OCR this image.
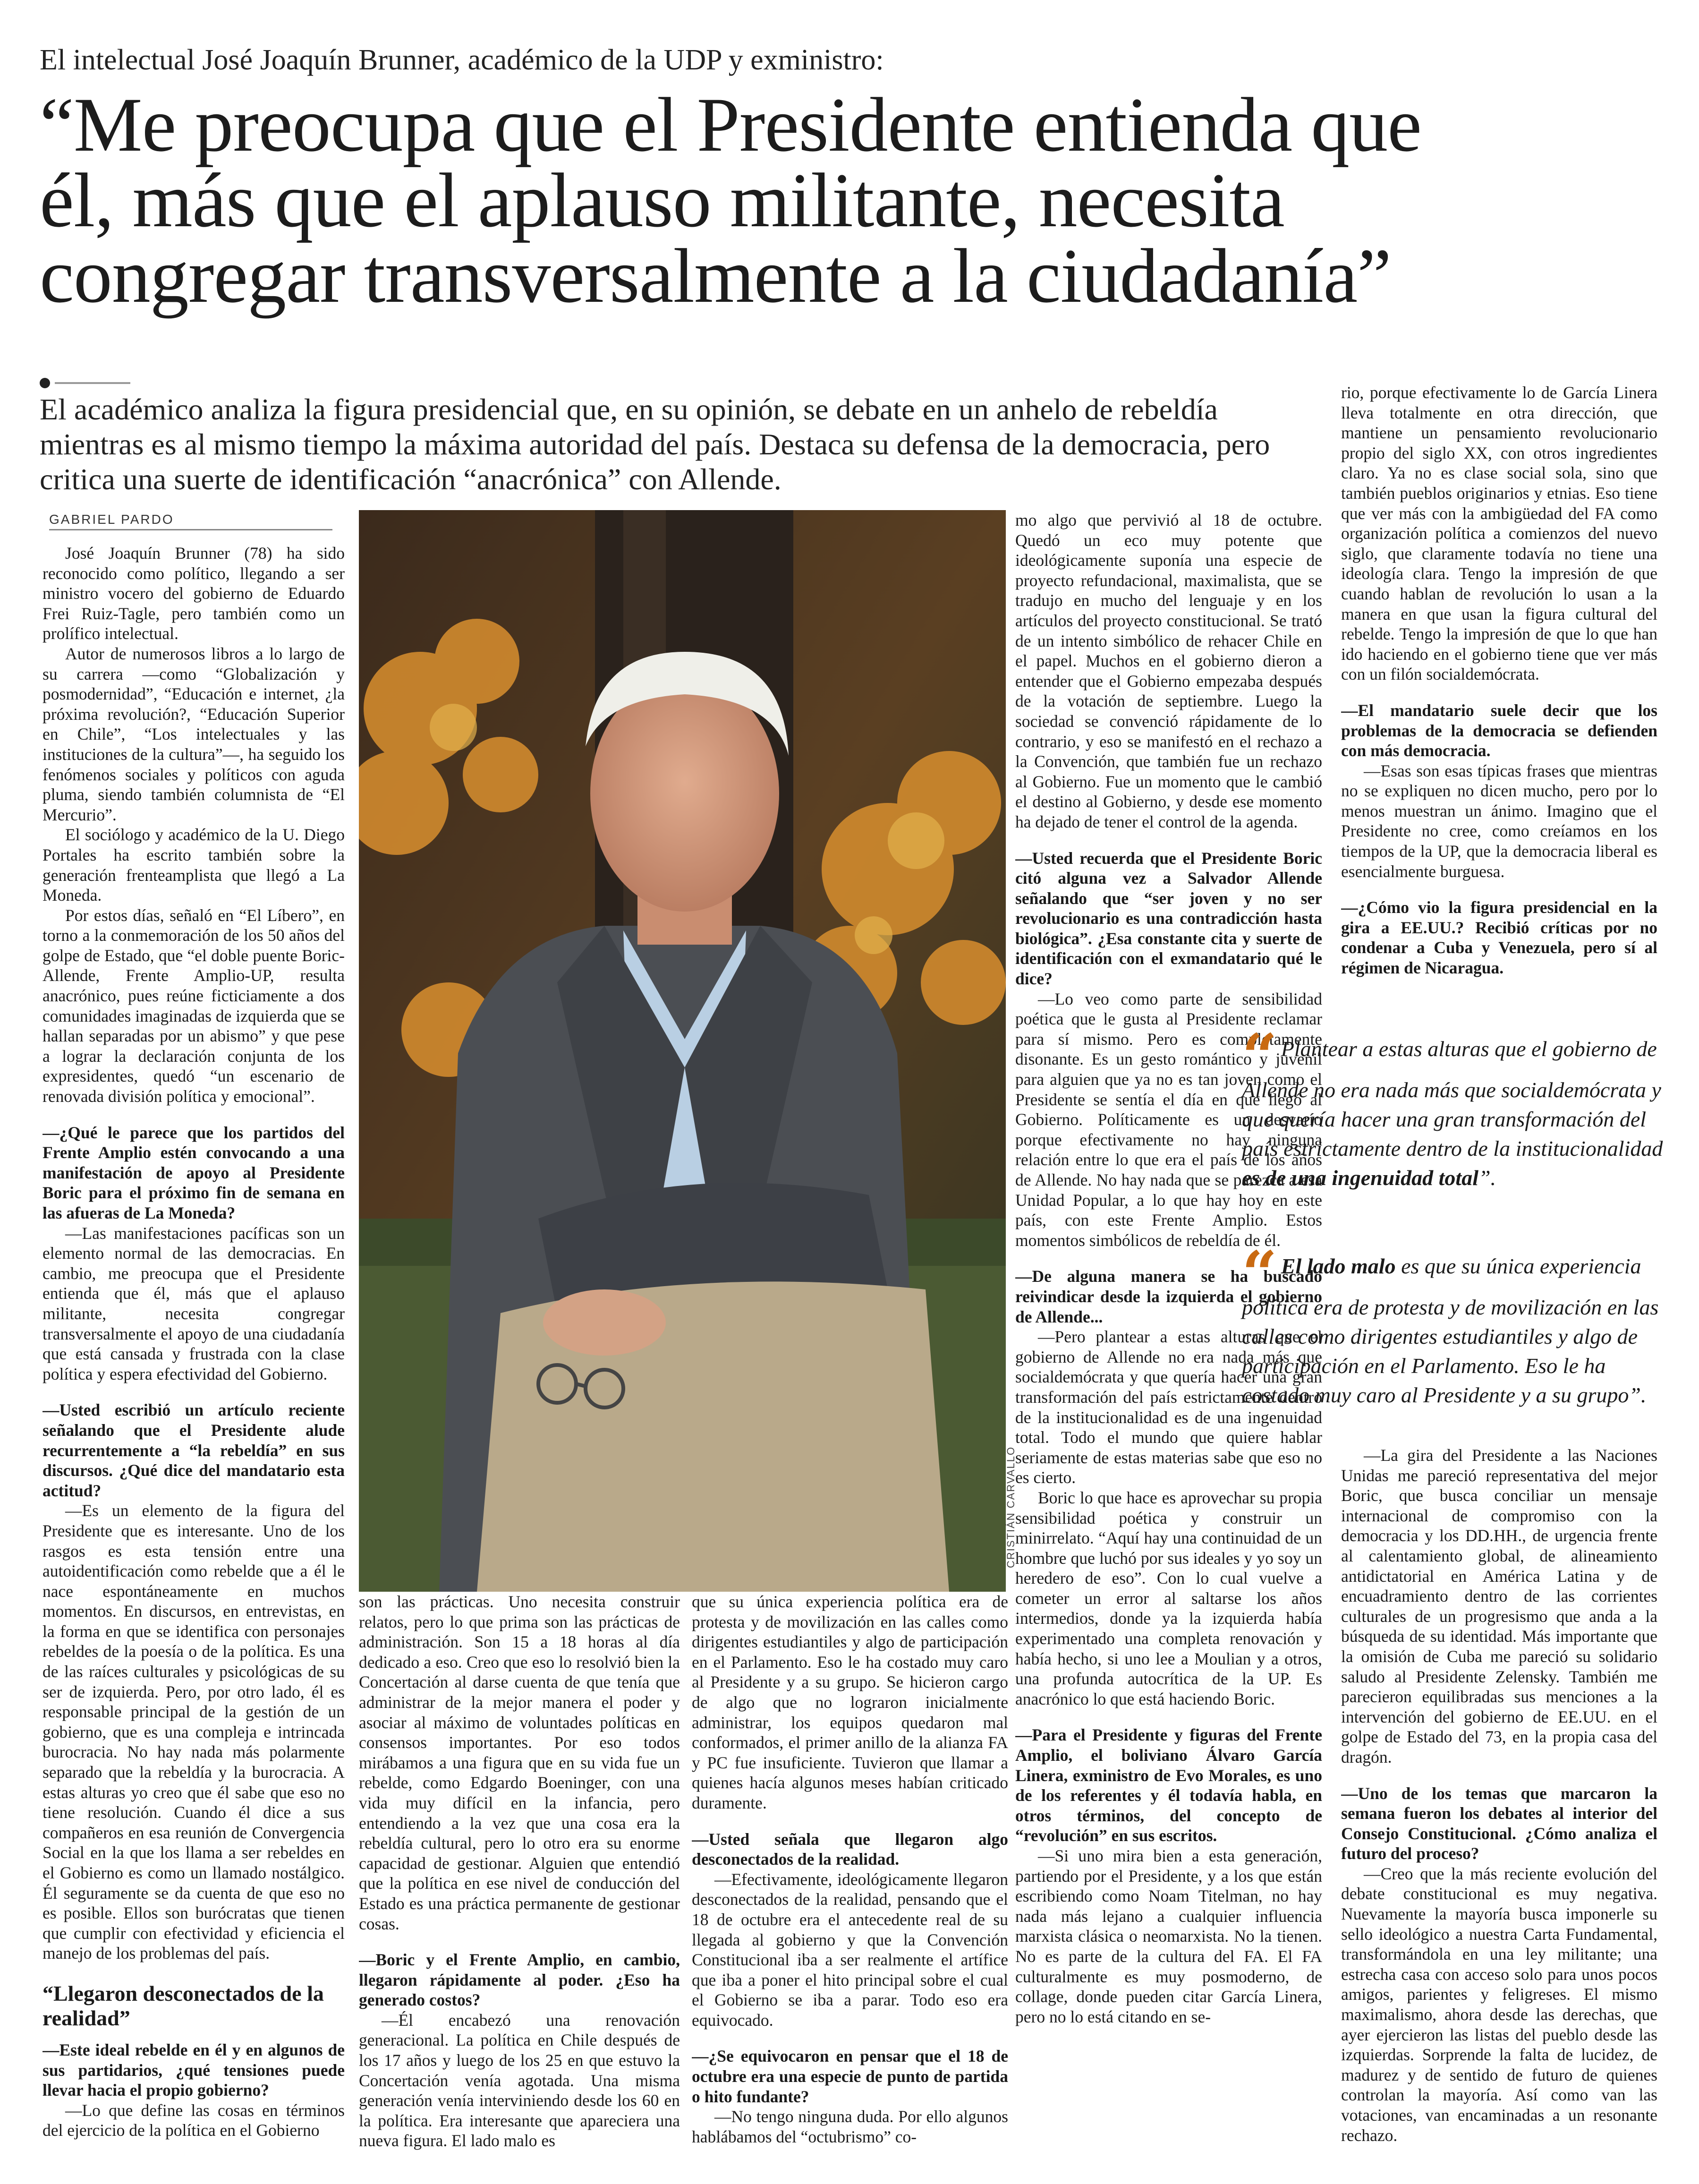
El intelectual José Joaquín Brunner, académico de la UDP y exministro:
“Me preocupa que el Presidente entienda que
él, más que el aplauso militante, necesita
congregar transversalmente a la ciudadanía”
El académico analiza la figura presidencial que, en su opinión, se debate en un anhelo de rebeldía mientras es al mismo tiempo la máxima autoridad del país. Destaca su defensa de la democracia, pero critica una suerte de identificación “anacrónica” con Allende.
GABRIEL PARDO

José Joaquín Brunner (78) ha sido reconocido como político, llegando a ser ministro vocero del gobierno de Eduardo Frei Ruiz-Tagle, pero también como un prolífico intelectual.

Autor de numerosos libros a lo largo de su carrera —como “Globalización y posmodernidad”, “Educación e internet, ¿la próxima revolución?, “Educación Superior en Chile”, “Los intelectuales y las instituciones de la cultura”—, ha seguido los fenómenos sociales y políticos con aguda pluma, siendo también columnista de “El Mercurio”.

El sociólogo y académico de la U. Diego Portales ha escrito también sobre la generación frenteamplista que llegó a La Moneda.

Por estos días, señaló en “El Líbero”, en torno a la conmemoración de los 50 años del golpe de Estado, que “el doble puente Boric-Allende, Frente Amplio-UP, resulta anacrónico, pues reúne ficticiamente a dos comunidades imaginadas de izquierda que se hallan separadas por un abismo” y que pese a lograr la declaración conjunta de los expresidentes, quedó “un escenario de renovada división política y emocional”.

—¿Qué le parece que los partidos del Frente Amplio estén convocando a una manifestación de apoyo al Presidente Boric para el próximo fin de semana en las afueras de La Moneda?

—Las manifestaciones pacíficas son un elemento normal de las democracias. En cambio, me preocupa que el Presidente entienda que él, más que el aplauso militante, necesita congregar transversalmente el apoyo de una ciudadanía que está cansada y frustrada con la clase política y espera efectividad del Gobierno.

—Usted escribió un artículo reciente señalando que el Presidente alude recurrentemente a “la rebeldía” en sus discursos. ¿Qué dice del mandatario esta actitud?

—Es un elemento de la figura del Presidente que es interesante. Uno de los rasgos es esta tensión entre una autoidentificación como rebelde que a él le nace espontáneamente en muchos momentos. En discursos, en entrevistas, en la forma en que se identifica con personajes rebeldes de la poesía o de la política. Es una de las raíces culturales y psicológicas de su ser de izquierda. Pero, por otro lado, él es responsable principal de la gestión de un gobierno, que es una compleja e intrincada burocracia. No hay nada más polarmente separado que la rebeldía y la burocracia. A estas alturas yo creo que él sabe que eso no tiene resolución. Cuando él dice a sus compañeros en esa reunión de Convergencia Social en la que los llama a ser rebeldes en el Gobierno es como un llamado nostálgico. Él seguramente se da cuenta de que eso no es posible. Ellos son burócratas que tienen que cumplir con efectividad y eficiencia el manejo de los problemas del país.

“Llegaron desconectados de la realidad”

—Este ideal rebelde en él y en algunos de sus partidarios, ¿qué tensiones puede llevar hacia el propio gobierno?

—Lo que define las cosas en términos del ejercicio de la política en el Gobierno

CRISTIÁN CARVALLO

son las prácticas. Uno necesita construir relatos, pero lo que prima son las prácticas de administración. Son 15 a 18 horas al día dedicado a eso. Creo que eso lo resolvió bien la Concertación al darse cuenta de que tenía que administrar de la mejor manera el poder y asociar al máximo de voluntades políticas en consensos importantes. Por eso todos mirábamos a una figura que en su vida fue un rebelde, como Edgardo Boeninger, con una vida muy difícil en la infancia, pero entendiendo a la vez que una cosa era la rebeldía cultural, pero lo otro era su enorme capacidad de gestionar. Alguien que entendió que la política en ese nivel de conducción del Estado es una práctica permanente de gestionar cosas.

—Boric y el Frente Amplio, en cambio, llegaron rápidamente al poder. ¿Eso ha generado costos?

—Él encabezó una renovación generacional. La política en Chile después de los 17 años y luego de los 25 en que estuvo la Concertación venía agotada. Una misma generación venía interviniendo desde los 60 en la política. Era interesante que apareciera una nueva figura. El lado malo es

que su única experiencia política era de protesta y de movilización en las calles como dirigentes estudiantiles y algo de participación en el Parlamento. Eso le ha costado muy caro al Presidente y a su grupo. Se hicieron cargo de algo que no lograron inicialmente administrar, los equipos quedaron mal conformados, el primer anillo de la alianza FA y PC fue insuficiente. Tuvieron que llamar a quienes hacía algunos meses habían criticado duramente.

—Usted señala que llegaron algo desconectados de la realidad.

—Efectivamente, ideológicamente llegaron desconectados de la realidad, pensando que el 18 de octubre era el antecedente real de su llegada al gobierno y que la Convención Constitucional iba a ser realmente el artífice que iba a poner el hito principal sobre el cual el Gobierno se iba a parar. Todo eso era equivocado.

—¿Se equivocaron en pensar que el 18 de octubre era una especie de punto de partida o hito fundante?

—No tengo ninguna duda. Por ello algunos hablábamos del “octubrismo” co-

mo algo que pervivió al 18 de octubre. Quedó un eco muy potente que ideológicamente suponía una especie de proyecto refundacional, maximalista, que se tradujo en mucho del lenguaje y en los artículos del proyecto constitucional. Se trató de un intento simbólico de rehacer Chile en el papel. Muchos en el gobierno dieron a entender que el Gobierno empezaba después de la votación de septiembre. Luego la sociedad se convenció rápidamente de lo contrario, y eso se manifestó en el rechazo a la Convención, que también fue un rechazo al Gobierno. Fue un momento que le cambió el destino al Gobierno, y desde ese momento ha dejado de tener el control de la agenda.

—Usted recuerda que el Presidente Boric citó alguna vez a Salvador Allende señalando que “ser joven y no ser revolucionario es una contradicción hasta biológica”. ¿Esa constante cita y suerte de identificación con el exmandatario qué le dice?

—Lo veo como parte de sensibilidad poética que le gusta al Presidente reclamar para sí mismo. Pero es completamente disonante. Es un gesto romántico y juvenil para alguien que ya no es tan joven como el Presidente se sentía el día en que llegó al Gobierno. Políticamente es un desvarío porque efectivamente no hay ninguna relación entre lo que era el país de los años de Allende. No hay nada que se parezca a esa Unidad Popular, a lo que hay hoy en este país, con este Frente Amplio. Estos momentos simbólicos de rebeldía de él.

—De alguna manera se ha buscado reivindicar desde la izquierda el gobierno de Allende...

—Pero plantear a estas alturas que el gobierno de Allende no era nada más que socialdemócrata y que quería hacer una gran transformación del país estrictamente dentro de la institucionalidad es de una ingenuidad total. Todo el mundo que quiere hablar seriamente de estas materias sabe que eso no es cierto.

Boric lo que hace es aprovechar su propia sensibilidad poética y construir un minirrelato. “Aquí hay una continuidad de un hombre que luchó por sus ideales y yo soy un heredero de eso”. Con lo cual vuelve a cometer un error al saltarse los años intermedios, donde ya la izquierda había experimentado una completa renovación y había hecho, si uno lee a Moulian y a otros, una profunda autocrítica de la UP. Es anacrónico lo que está haciendo Boric.

—Para el Presidente y figuras del Frente Amplio, el boliviano Álvaro García Linera, exministro de Evo Morales, es uno de los referentes y él todavía habla, en otros términos, del concepto de “revolución” en sus escritos.

—Si uno mira bien a esta generación, partiendo por el Presidente, y a los que están escribiendo como Noam Titelman, no hay nada más lejano a cualquier influencia marxista clásica o neomarxista. No la tienen. No es parte de la cultura del FA. El FA culturalmente es muy posmoderno, de collage, donde pueden citar García Linera, pero no lo está citando en se-

rio, porque efectivamente lo de García Linera lleva totalmente en otra dirección, que mantiene un pensamiento revolucionario propio del siglo XX, con otros ingredientes claro. Ya no es clase social sola, sino que también pueblos originarios y etnias. Eso tiene que ver más con la ambigüedad del FA como organización política a comienzos del nuevo siglo, que claramente todavía no tiene una ideología clara. Tengo la impresión de que cuando hablan de revolución lo usan a la manera en que usan la figura cultural del rebelde. Tengo la impresión de que lo que han ido haciendo en el gobierno tiene que ver más con un filón socialdemócrata.

—El mandatario suele decir que los problemas de la democracia se defienden con más democracia.

—Esas son esas típicas frases que mientras no se expliquen no dicen mucho, pero por lo menos muestran un ánimo. Imagino que el Presidente no cree, como creíamos en los tiempos de la UP, que la democracia liberal es esencialmente burguesa.

—¿Cómo vio la figura presidencial en la gira a EE.UU.? Recibió críticas por no condenar a Cuba y Venezuela, pero sí al régimen de Nicaragua.

“ Plantear a estas alturas que el gobierno de Allende no era nada más que socialdemócrata y que quería hacer una gran transformación del país estrictamente dentro de la institucionalidad es de una ingenuidad total”.
“ El lado malo es que su única experiencia política era de protesta y de movilización en las calles como dirigentes estudiantiles y algo de participación en el Parlamento. Eso le ha costado muy caro al Presidente y a su grupo”.

—La gira del Presidente a las Naciones Unidas me pareció representativa del mejor Boric, que busca conciliar un mensaje internacional de compromiso con la democracia y los DD.HH., de urgencia frente al calentamiento global, de alineamiento antidictatorial en América Latina y de encuadramiento dentro de las corrientes culturales de un progresismo que anda a la búsqueda de su identidad. Más importante que la omisión de Cuba me pareció su solidario saludo al Presidente Zelensky. También me parecieron equilibradas sus menciones a la intervención del gobierno de EE.UU. en el golpe de Estado del 73, en la propia casa del dragón.

—Uno de los temas que marcaron la semana fueron los debates al interior del Consejo Constitucional. ¿Cómo analiza el futuro del proceso?

—Creo que la más reciente evolución del debate constitucional es muy negativa. Nuevamente la mayoría busca imponerle su sello ideológico a nuestra Carta Fundamental, transformándola en una ley militante; una estrecha casa con acceso solo para unos pocos amigos, parientes y feligreses. El mismo maximalismo, ahora desde las derechas, que ayer ejercieron las listas del pueblo desde las izquierdas. Sorprende la falta de lucidez, de madurez y de sentido de futuro de quienes controlan la mayoría. Así como van las votaciones, van encaminadas a un resonante rechazo.
